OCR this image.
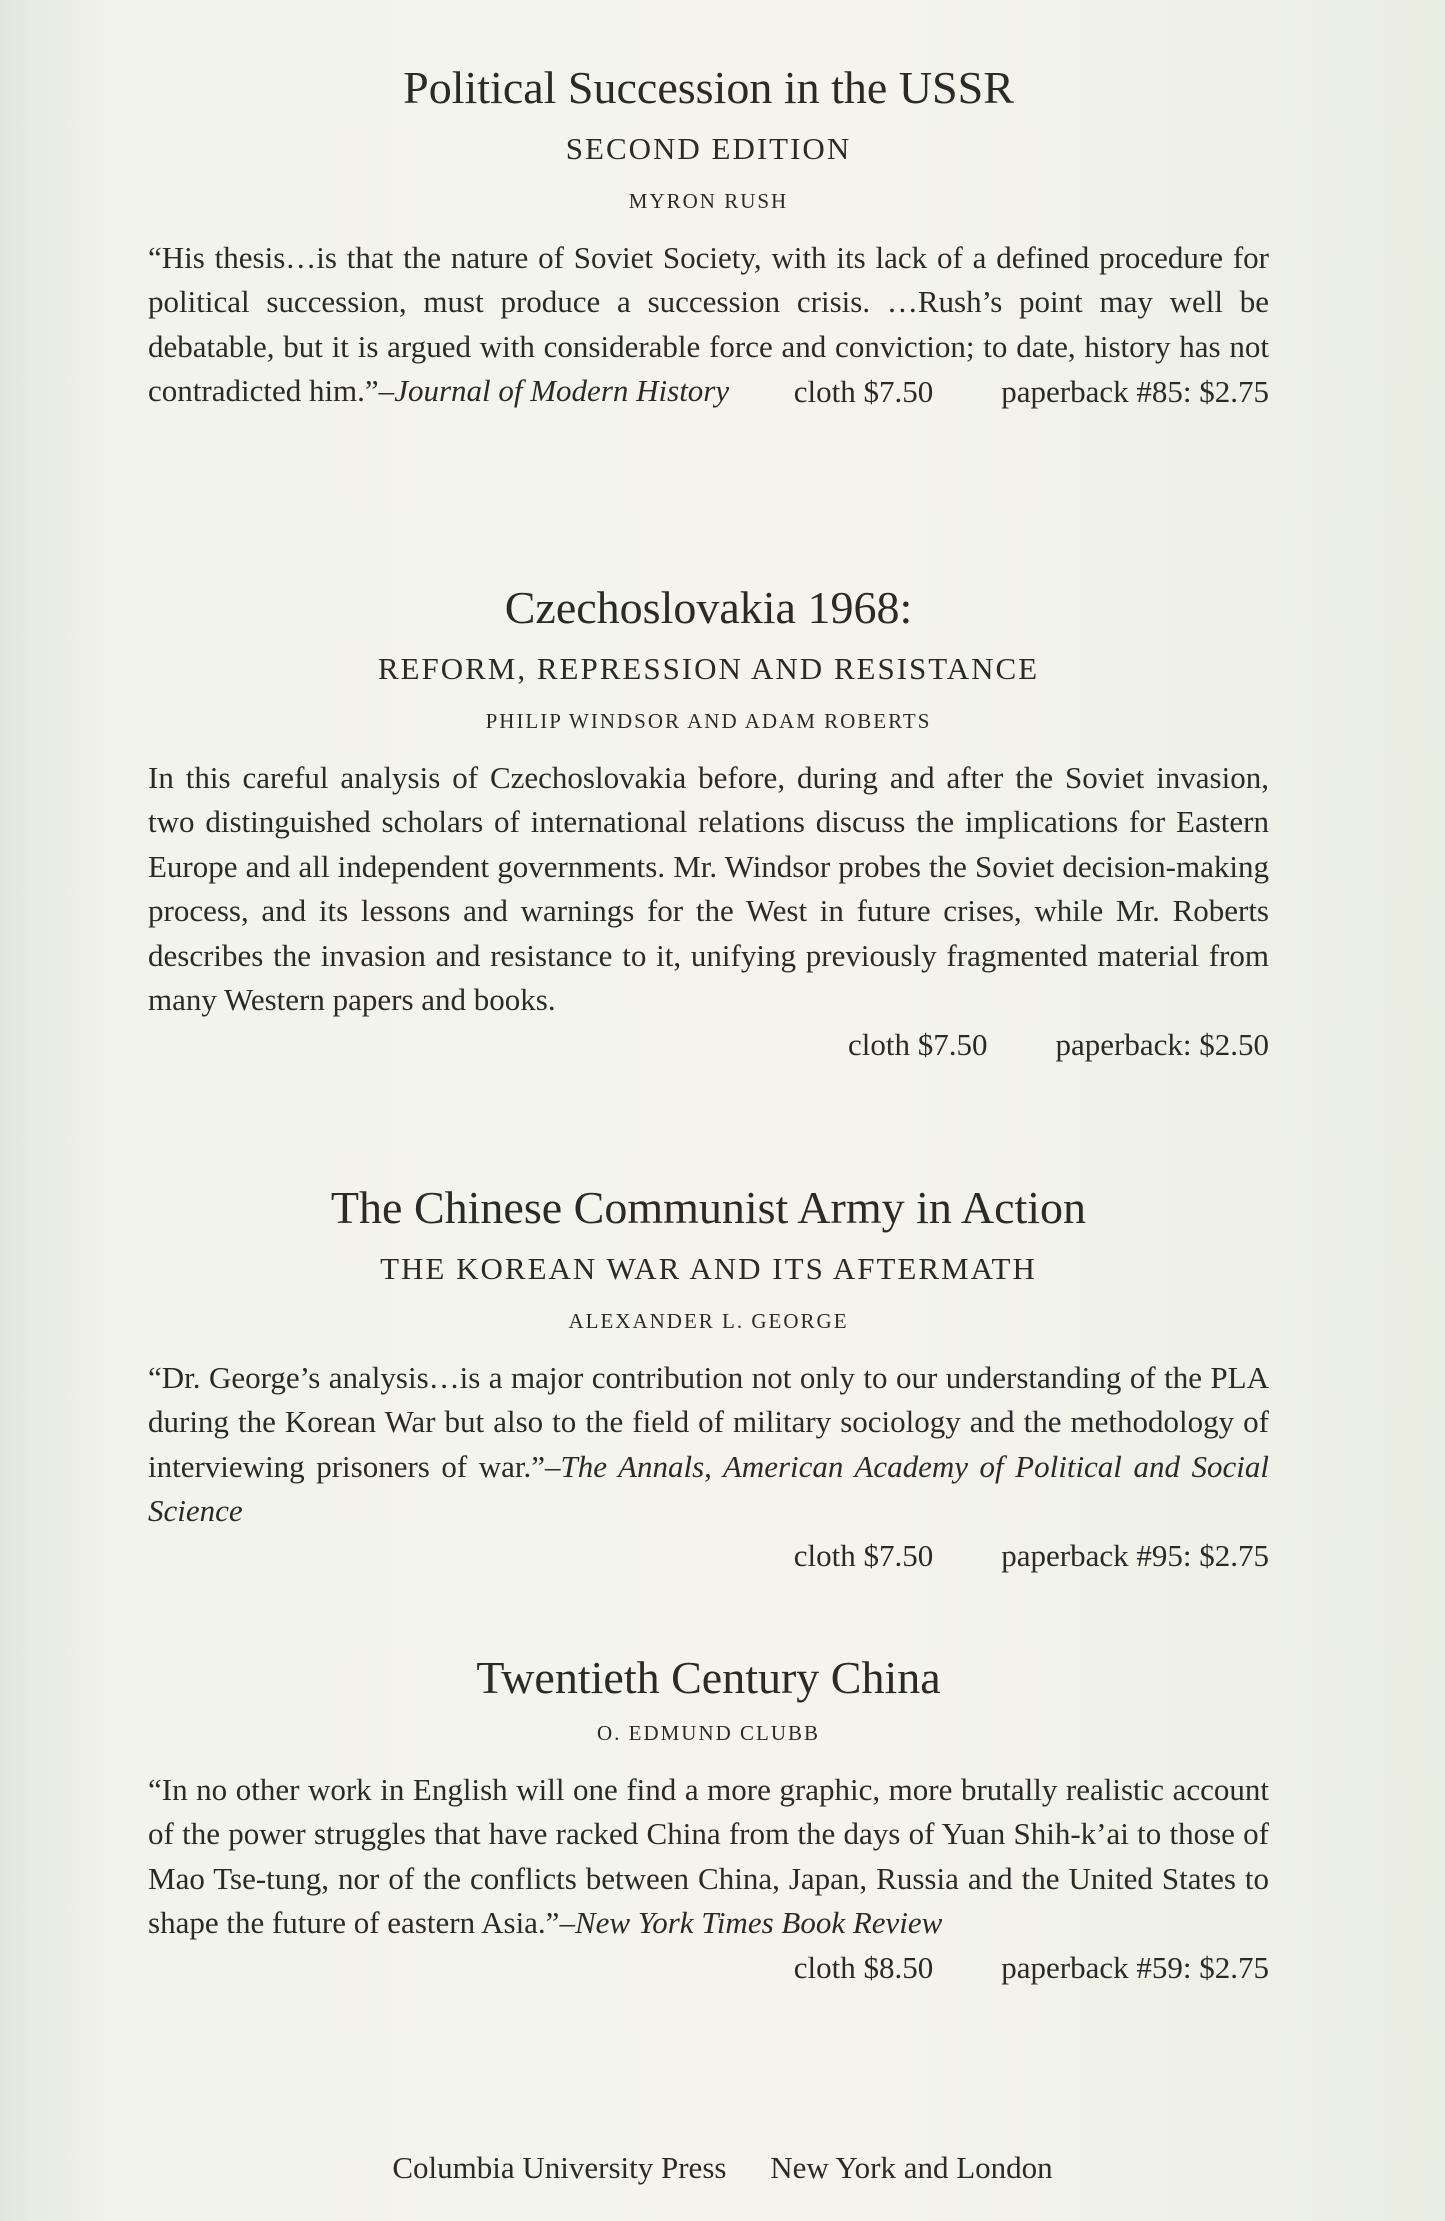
Political Succession in the USSR
SECOND EDITION
MYRON RUSH

“His thesis…is that the nature of Soviet Society, with its lack of a defined procedure for political succession, must produce a succession crisis. …Rush’s point may well be debatable, but it is argued with considerable force and conviction; to date, history has not contradicted him.”–Journal of Modern History	cloth $7.50 paperback #85: $2.75
Czechoslovakia 1968:
REFORM, REPRESSION AND RESISTANCE
PHILIP WINDSOR AND ADAM ROBERTS

In this careful analysis of Czechoslovakia before, during and after the Soviet invasion, two distinguished scholars of international relations discuss the implications for Eastern Europe and all independent governments. Mr. Windsor probes the Soviet decision-making process, and its lessons and warnings for the West in future crises, while Mr. Roberts describes the invasion and resistance to it, unifying previously fragmented material from many Western papers and books.

cloth $7.50 paperback: $2.50
The Chinese Communist Army in Action
THE KOREAN WAR AND ITS AFTERMATH
ALEXANDER L. GEORGE

“Dr. George’s analysis…is a major contribution not only to our understanding of the PLA during the Korean War but also to the field of military sociology and the methodology of interviewing prisoners of war.”–The Annals, American Academy of Political and Social Science

cloth $7.50 paperback #95: $2.75
Twentieth Century China
O. EDMUND CLUBB

“In no other work in English will one find a more graphic, more brutally realistic account of the power struggles that have racked China from the days of Yuan Shih-k’ai to those of Mao Tse-tung, nor of the conflicts between China, Japan, Russia and the United States to shape the future of eastern Asia.”–New York Times Book Review

cloth $8.50 paperback #59: $2.75
Columbia University Press New York and London
